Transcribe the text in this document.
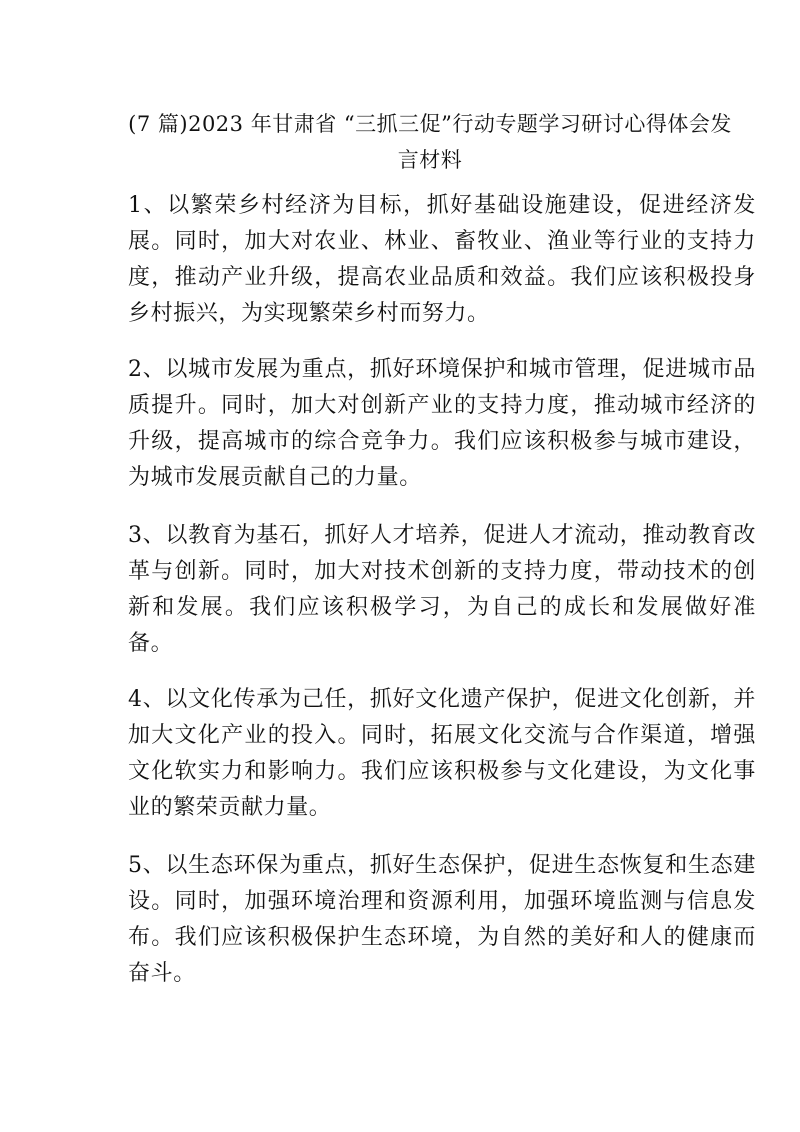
(7 篇)2023 年甘肃省 “三抓三促”行动专题学习研讨心得体会发言材料

1、以繁荣乡村经济为目标，抓好基础设施建设，促进经济发展。同时，加大对农业、林业、畜牧业、渔业等行业的支持力度，推动产业升级，提高农业品质和效益。我们应该积极投身乡村振兴，为实现繁荣乡村而努力。

2、以城市发展为重点，抓好环境保护和城市管理，促进城市品质提升。同时，加大对创新产业的支持力度，推动城市经济的升级，提高城市的综合竞争力。我们应该积极参与城市建设，为城市发展贡献自己的力量。

3、以教育为基石，抓好人才培养，促进人才流动，推动教育改革与创新。同时，加大对技术创新的支持力度，带动技术的创新和发展。我们应该积极学习，为自己的成长和发展做好准备。

4、以文化传承为己任，抓好文化遗产保护，促进文化创新，并加大文化产业的投入。同时，拓展文化交流与合作渠道，增强文化软实力和影响力。我们应该积极参与文化建设，为文化事业的繁荣贡献力量。

5、以生态环保为重点，抓好生态保护，促进生态恢复和生态建设。同时，加强环境治理和资源利用，加强环境监测与信息发布。我们应该积极保护生态环境，为自然的美好和人的健康而奋斗。
